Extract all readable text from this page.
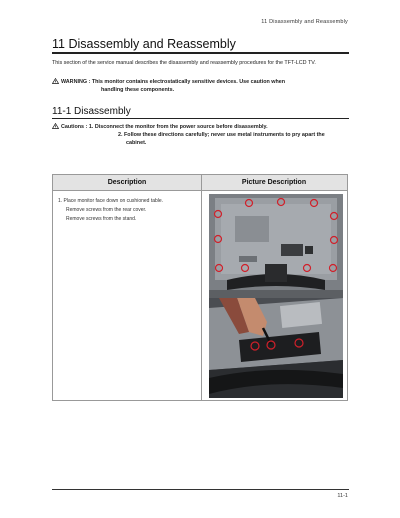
11 Disassembly and Reassembly
11 Disassembly and Reassembly

This section of the service manual describes the disassembly and reassembly procedures for the TFT-LCD TV.

WARNING : This monitor contains electrostatically sensitive devices. Use caution when
handling these components.
11-1 Disassembly
Cautions : 1. Disconnect the monitor from the power source before disassembly.
2. Follow these directions carefully; never use metal instruments to pry apart the
cabinet.
Description	Picture Description
1. Place monitor face down on cushioned table.
Remove screws from the rear cover.
Remove screws from the stand.
11-1
